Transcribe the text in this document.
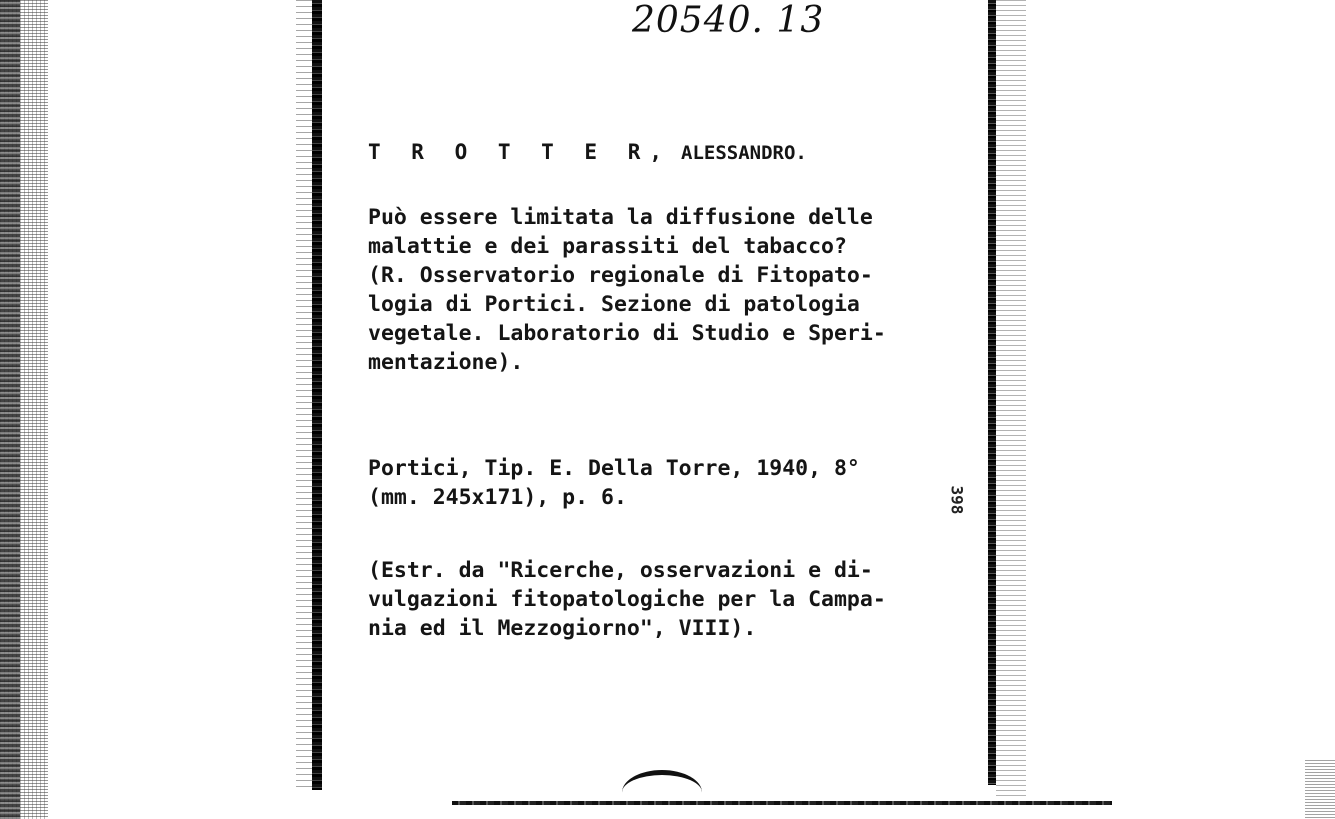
20540. 13
T R O T T E R, ALESSANDRO.
Può essere limitata la diffusione delle
malattie e dei parassiti del tabacco?
(R. Osservatorio regionale di Fitopato-
logia di Portici. Sezione di patologia
vegetale. Laboratorio di Studio e Speri-
mentazione).
Portici, Tip. E. Della Torre, 1940, 8°
(mm. 245x171), p. 6.	398
(Estr. da "Ricerche, osservazioni e di-
vulgazioni fitopatologiche per la Campa-
nia ed il Mezzogiorno", VIII).
